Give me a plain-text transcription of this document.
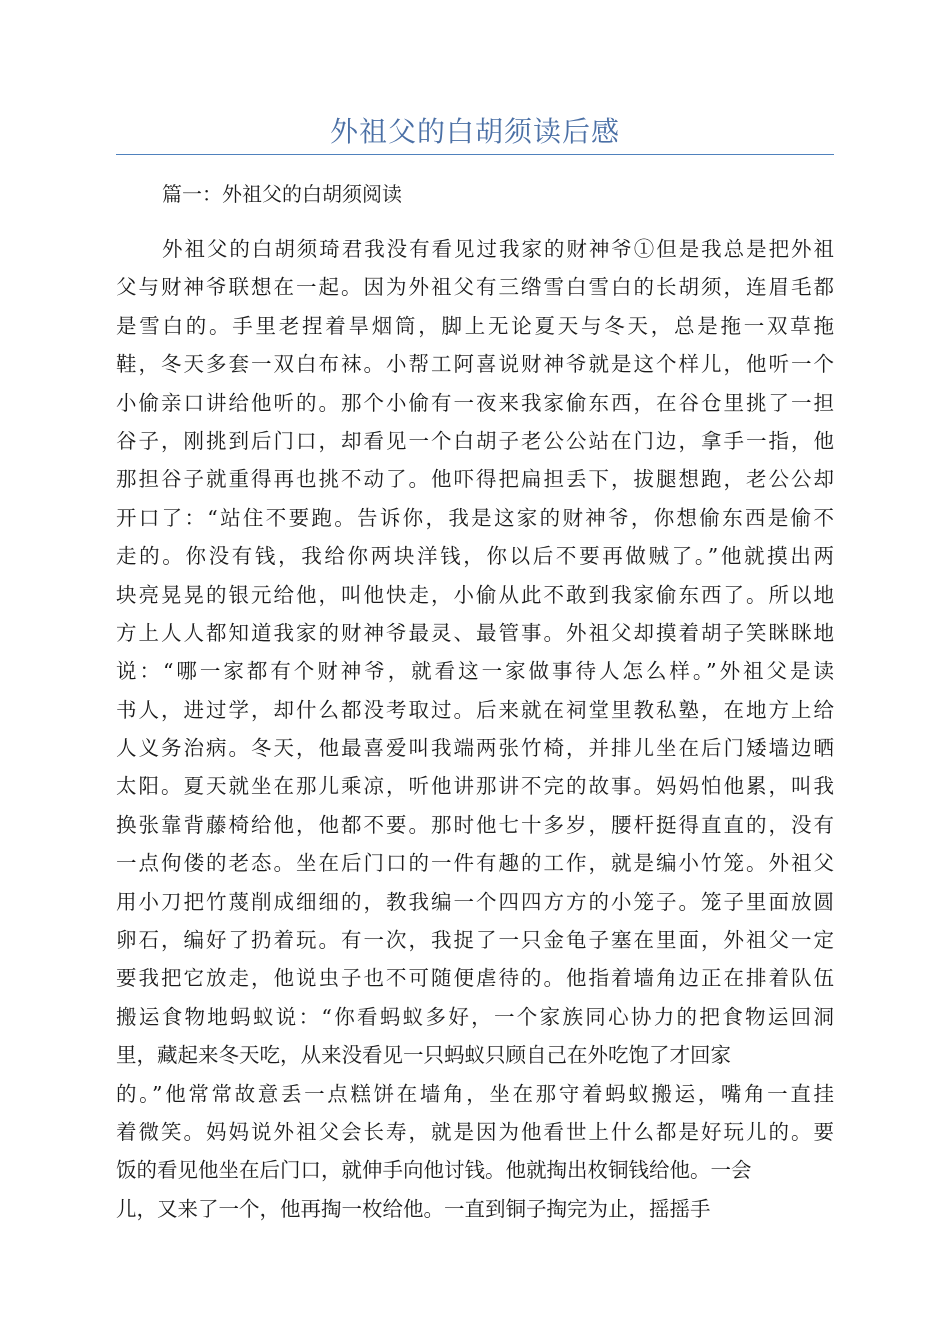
外祖父的白胡须读后感
篇一：外祖父的白胡须阅读
外祖父的白胡须琦君我没有看见过我家的财神爷①但是我总是把外祖
父与财神爷联想在一起。因为外祖父有三绺雪白雪白的长胡须，连眉毛都
是雪白的。手里老捏着旱烟筒，脚上无论夏天与冬天，总是拖一双草拖
鞋，冬天多套一双白布袜。小帮工阿喜说财神爷就是这个样儿，他听一个
小偷亲口讲给他听的。那个小偷有一夜来我家偷东西，在谷仓里挑了一担
谷子，刚挑到后门口，却看见一个白胡子老公公站在门边，拿手一指，他
那担谷子就重得再也挑不动了。他吓得把扁担丢下，拔腿想跑，老公公却
开口了：“站住不要跑。告诉你，我是这家的财神爷，你想偷东西是偷不
走的。你没有钱，我给你两块洋钱，你以后不要再做贼了。”他就摸出两
块亮晃晃的银元给他，叫他快走，小偷从此不敢到我家偷东西了。所以地
方上人人都知道我家的财神爷最灵、最管事。外祖父却摸着胡子笑眯眯地
说：“哪一家都有个财神爷，就看这一家做事待人怎么样。”外祖父是读
书人，进过学，却什么都没考取过。后来就在祠堂里教私塾，在地方上给
人义务治病。冬天，他最喜爱叫我端两张竹椅，并排儿坐在后门矮墙边晒
太阳。夏天就坐在那儿乘凉，听他讲那讲不完的故事。妈妈怕他累，叫我
换张靠背藤椅给他，他都不要。那时他七十多岁，腰杆挺得直直的，没有
一点佝偻的老态。坐在后门口的一件有趣的工作，就是编小竹笼。外祖父
用小刀把竹蔑削成细细的，教我编一个四四方方的小笼子。笼子里面放圆
卵石，编好了扔着玩。有一次，我捉了一只金龟子塞在里面，外祖父一定
要我把它放走，他说虫子也不可随便虐待的。他指着墙角边正在排着队伍
搬运食物地蚂蚁说：“你看蚂蚁多好，一个家族同心协力的把食物运回洞
里，藏起来冬天吃，从来没看见一只蚂蚁只顾自己在外吃饱了才回家
的。”他常常故意丢一点糕饼在墙角，坐在那守着蚂蚁搬运，嘴角一直挂
着微笑。妈妈说外祖父会长寿，就是因为他看世上什么都是好玩儿的。要
饭的看见他坐在后门口，就伸手向他讨钱。他就掏出枚铜钱给他。一会
儿，又来了一个，他再掏一枚给他。一直到铜子掏完为止，摇摇手
